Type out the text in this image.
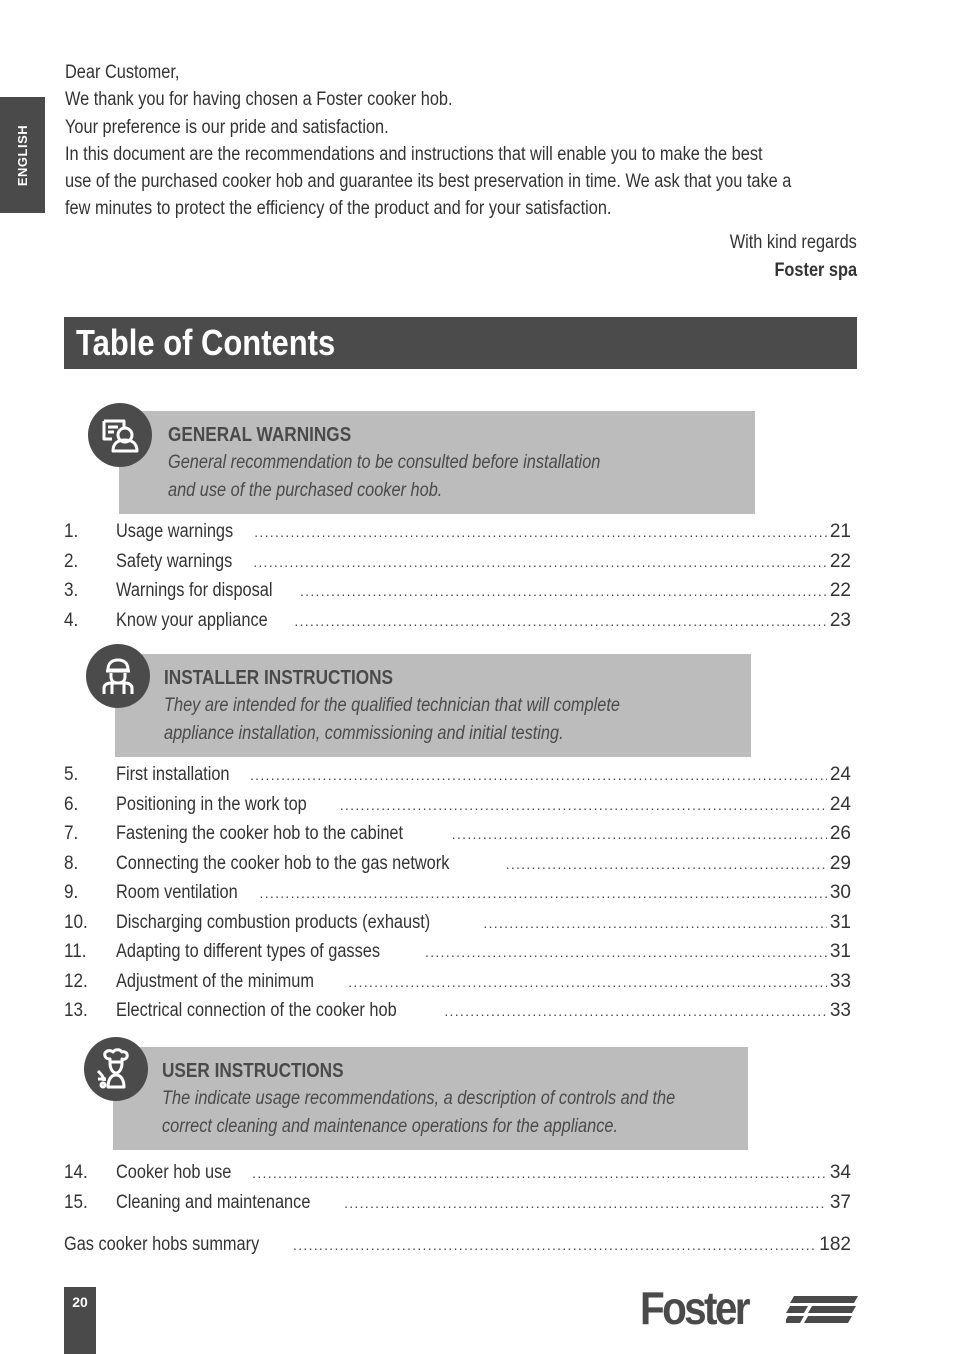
ENGLISH

Dear Customer,

We thank you for having chosen a Foster cooker hob.

Your preference is our pride and satisfaction.

In this document are the recommendations and instructions that will enable you to make the best

use of the purchased cooker hob and guarantee its best preservation in time. We ask that you take a

few minutes to protect the efficiency of the product and for your satisfaction.

With kind regards
Foster spa
Table of Contents
GENERAL WARNINGS
General recommendation to be consulted before installation
and use of the purchased cooker hob.
1.	Usage warnings . . .	21
2.	Safety warnings . . .	22
3.	Warnings for disposal . . .	22
4.	Know your appliance . . .	23
INSTALLER INSTRUCTIONS
They are intended for the qualified technician that will complete
appliance installation, commissioning and initial testing.
5.	First installation . . .	24
6.	Positioning in the work top . . .	24
7.	Fastening the cooker hob to the cabinet . . .	26
8.	Connecting the cooker hob to the gas network . . .	29
9.	Room ventilation . . .	30
10.	Discharging combustion products (exhaust) . . .	31
11.	Adapting to different types of gasses . . .	31
12.	Adjustment of the minimum . . .	33
13.	Electrical connection of the cooker hob . . .	33
USER INSTRUCTIONS
The indicate usage recommendations, a description of controls and the
correct cleaning and maintenance operations for the appliance.
14.	Cooker hob use . . .	34
15.	Cleaning and maintenance . . .	37
Gas cooker hobs summary . . .	182
20	Foster
